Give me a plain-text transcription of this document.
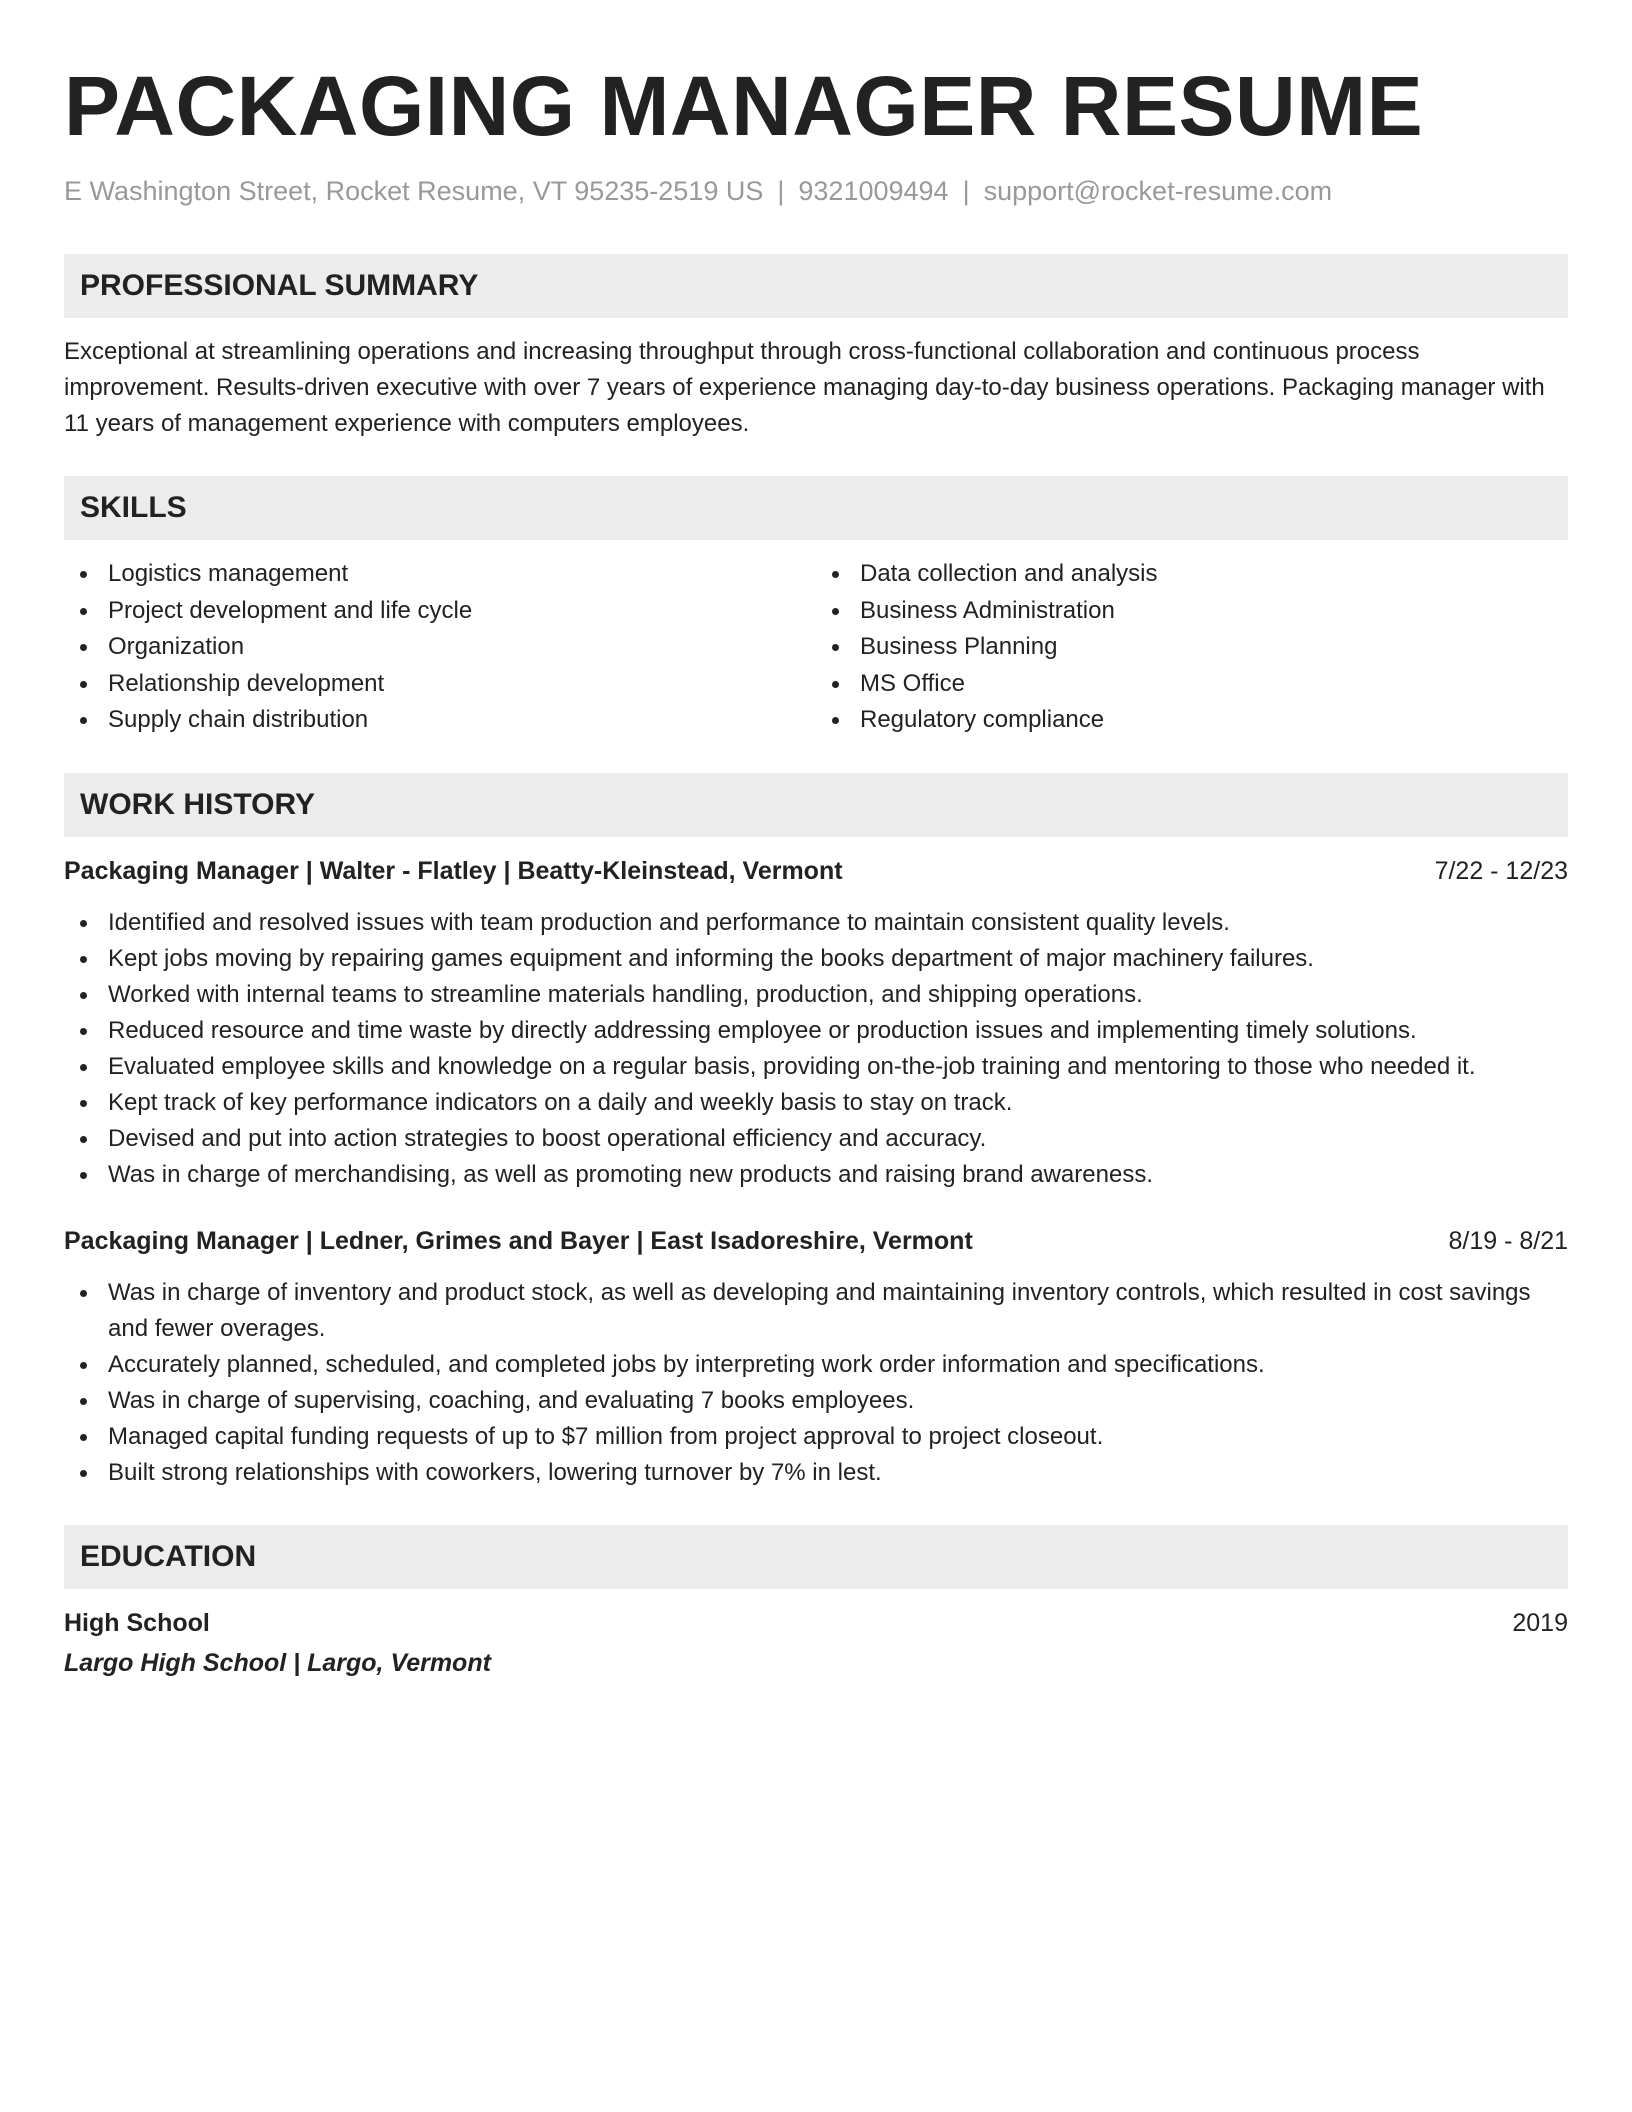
PACKAGING MANAGER RESUME
E Washington Street, Rocket Resume, VT 95235-2519 US | 9321009494 | support@rocket-resume.com
PROFESSIONAL SUMMARY

Exceptional at streamlining operations and increasing throughput through cross-functional collaboration and continuous process improvement. Results-driven executive with over 7 years of experience managing day-to-day business operations. Packaging manager with 11 years of management experience with computers employees.

SKILLS
Logistics management
Project development and life cycle
Organization
Relationship development
Supply chain distribution
Data collection and analysis
Business Administration
Business Planning
MS Office
Regulatory compliance
WORK HISTORY
Packaging Manager | Walter - Flatley | Beatty-Kleinstead, Vermont	7/22 - 12/23
Identified and resolved issues with team production and performance to maintain consistent quality levels.
Kept jobs moving by repairing games equipment and informing the books department of major machinery failures.
Worked with internal teams to streamline materials handling, production, and shipping operations.
Reduced resource and time waste by directly addressing employee or production issues and implementing timely solutions.
Evaluated employee skills and knowledge on a regular basis, providing on-the-job training and mentoring to those who needed it.
Kept track of key performance indicators on a daily and weekly basis to stay on track.
Devised and put into action strategies to boost operational efficiency and accuracy.
Was in charge of merchandising, as well as promoting new products and raising brand awareness.
Packaging Manager | Ledner, Grimes and Bayer | East Isadoreshire, Vermont	8/19 - 8/21
Was in charge of inventory and product stock, as well as developing and maintaining inventory controls, which resulted in cost savings and fewer overages.
Accurately planned, scheduled, and completed jobs by interpreting work order information and specifications.
Was in charge of supervising, coaching, and evaluating 7 books employees.
Managed capital funding requests of up to $7 million from project approval to project closeout.
Built strong relationships with coworkers, lowering turnover by 7% in lest.
EDUCATION
High School	2019
Largo High School | Largo, Vermont
